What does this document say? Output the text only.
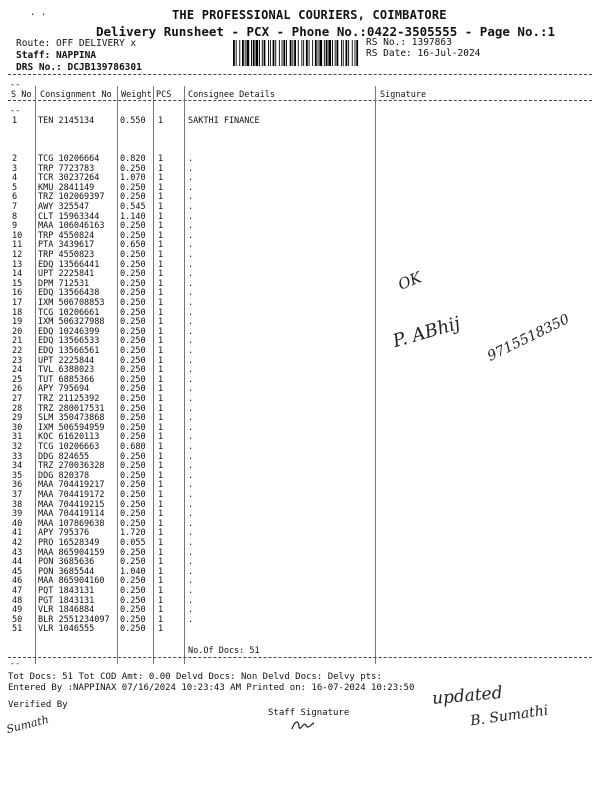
. .	THE PROFESSIONAL COURIERS, COIMBATORE
Delivery Runsheet - PCX - Phone No.:0422-3505555 - Page No.:1
Route: OFF DELIVERY x
Staff: NAPPINA
DRS No.: DCJB139786301
RS No.: 1397863
RS Date: 16-Jul-2024
--
S No Consignment No Weight PCS Consignee Details	Signature
--
1 TEN 2145134	0.550 1	SAKTHI FINANCE
2 TCG 10206664 0.820 1	.
3 TRP 7723783	0.250 1	.
4 TCR 30237264 1.070 1	.
5 KMU 2841149	0.250 1	.
6 TRZ 102069397 0.250 1	.
7 AWY 325547	0.545 1	.
8 CLT 15963344 1.140 1	.
9 MAA 106046163 0.250 1	.
10 TRP 4550824	0.250 1	.
11 PTA 3439617	0.650 1	.
12 TRP 4550823	0.250 1	.
13 EDQ 13566441 0.250 1	.
14 UPT 2225841	0.250 1	.
15 DPM 712531	0.250 1	.
16 EDQ 13566438 0.250 1	.
17 IXM 506708853 0.250 1	.
18 TCG 10206661 0.250 1	.
19 IXM 506327988 0.250 1	.
20 EDQ 10246399 0.250 1	.
21 EDQ 13566533 0.250 1	.
22 EDQ 13566561 0.250 1	.
23 UPT 2225844	0.250 1	.
24 TVL 6388023	0.250 1	.
25 TUT 6885366	0.250 1	.
26 APY 795694	0.250 1	.
27 TRZ 21125392 0.250 1	.
28 TRZ 280017531 0.250 1	.
29 SLM 350473868 0.250 1	.
30 IXM 506594959 0.250 1	.
31 KOC 61620113 0.250 1	.
32 TCG 10206663 0.680 1	.
33 DDG 824655	0.250 1	.
34 TRZ 270036328 0.250 1	.
35 DDG 820378	0.250 1	.
36 MAA 704419217 0.250 1	.
37 MAA 704419172 0.250 1	.
38 MAA 704419215 0.250 1	.
39 MAA 704419114 0.250 1	.
40 MAA 107869638 0.250 1	.
41 APY 795376	1.720 1	.
42 PRO 16528349 0.055 1	.
43 MAA 865904159 0.250 1	.
44 PON 3685636	0.250 1	.
45 PON 3685544	1.040 1	.
46 MAA 865904160 0.250 1	.
47 PQT 1843131	0.250 1	.
48 PGT 1843131	0.250 1	.
49 VLR 1846884	0.250 1	.
50 BLR 2551234097 0.250 1	.
51 VLR 1046555	0.250 1
No.Of Docs: 51
--
Tot Docs: 51 Tot COD Amt: 0.00 Delvd Docs: Non Delvd Docs: Delvy pts:
Entered By :NAPPINAX 07/16/2024 10:23:43 AM Printed on: 16-07-2024 10:23:50
Verified By
Staff Signature
OK
P. ABhij 9715518350
updated
B. Sumathi
Sumath
